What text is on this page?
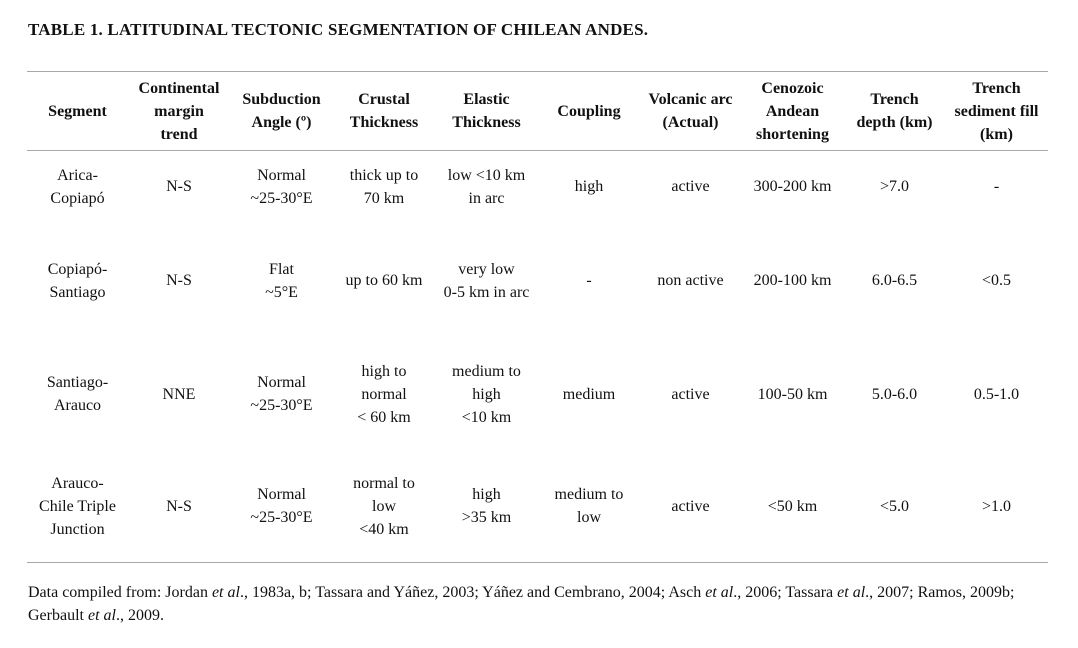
TABLE 1. LATITUDINAL TECTONIC SEGMENTATION OF CHILEAN ANDES.
Segment	Continental
margin
trend	Subduction
Angle (º)	Crustal
Thickness	Elastic
Thickness	Coupling	Volcanic arc
(Actual)	Cenozoic
Andean
shortening	Trench
depth (km)	Trench
sediment fill
(km)
Arica-
Copiapó	N-S	Normal
~25-30°E	thick up to
70 km	low <10 km
in arc	high	active	300-200 km	>7.0	-
Copiapó-
Santiago	N-S	Flat
~5°E	up to 60 km	very low
0-5 km in arc	-	non active	200-100 km	6.0-6.5	<0.5
Santiago-
Arauco	NNE	Normal
~25-30°E	high to
normal
< 60 km	medium to
high
<10 km	medium	active	100-50 km	5.0-6.0	0.5-1.0
Arauco-
Chile Triple
Junction	N-S	Normal
~25-30°E	normal to
low
<40 km	high
>35 km	medium to
low	active	<50 km	<5.0	>1.0
Data compiled from: Jordan et al., 1983a, b; Tassara and Yáñez, 2003; Yáñez and Cembrano, 2004; Asch et al., 2006; Tassara et al., 2007; Ramos, 2009b; Gerbault et al., 2009.
